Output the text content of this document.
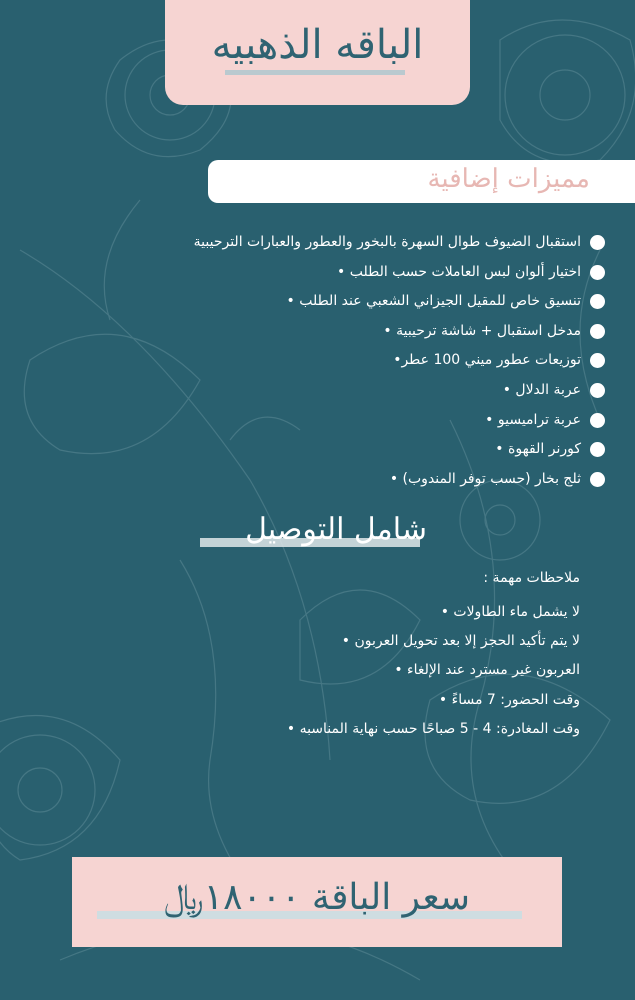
الباقه الذهبيه
مميزات إضافية
استقبال الضيوف طوال السهرة بالبخور والعطور والعبارات الترحيبية
اختيار ألوان لبس العاملات حسب الطلب •
تنسيق خاص للمقيل الجيزاني الشعبي عند الطلب •
مدخل استقبال + شاشة ترحيبية •
توزيعات عطور ميني 100 عطر•
عربة الدلال •
عربة تراميسيو •
كورنر القهوة •
ثلج بخار (حسب توفر المندوب) •
شامل التوصيل
ملاحظات مهمة :
لا يشمل ماء الطاولات •
لا يتم تأكيد الحجز إلا بعد تحويل العربون •
العربون غير مسترد عند الإلغاء •
وقت الحضور: 7 مساءً •
وقت المغادرة: 4 - 5 صباحًا حسب نهاية المناسبه •
سعر الباقة ١٨٠٠٠﷼
